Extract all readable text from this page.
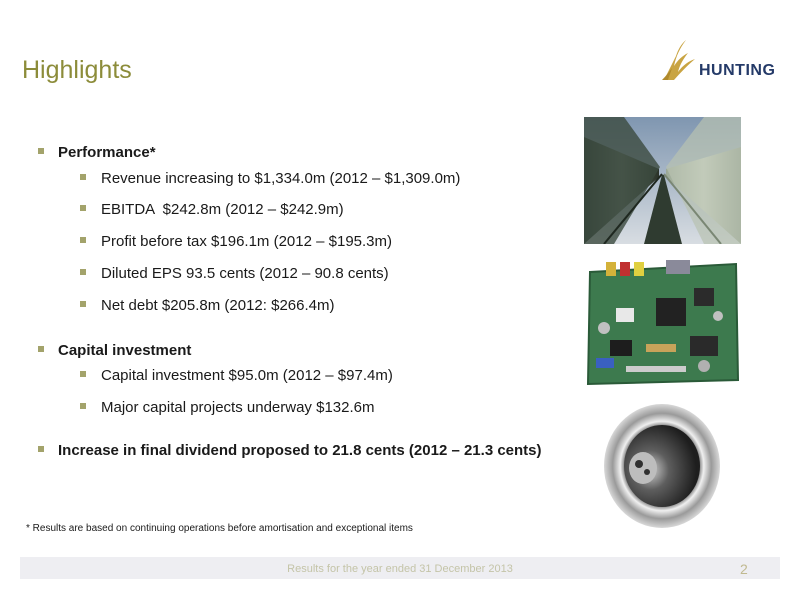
Highlights	HUNTING
Performance*
Revenue increasing to $1,334.0m (2012 – $1,309.0m)
EBITDA  $242.8m (2012 – $242.9m)
Profit before tax $196.1m (2012 – $195.3m)
Diluted EPS 93.5 cents (2012 – 90.8 cents)
Net debt $205.8m (2012: $266.4m)
Capital investment
Capital investment $95.0m (2012 – $97.4m)
Major capital projects underway $132.6m
Increase in final dividend proposed to 21.8 cents (2012 – 21.3 cents)
* Results are based on continuing operations before amortisation and exceptional items
Results for the year ended 31 December 2013	2
